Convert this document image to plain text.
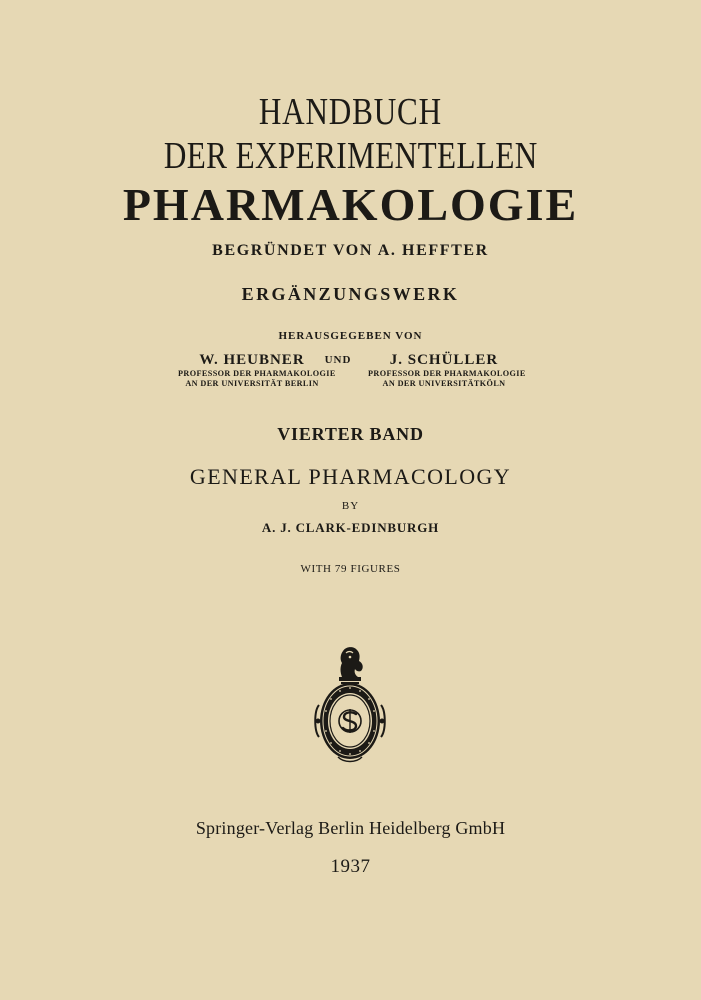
HANDBUCH
DER EXPERIMENTELLEN
PHARMAKOLOGIE
BEGRÜNDET VON A. HEFFTER
ERGÄNZUNGSWERK
HERAUSGEGEBEN VON
W. HEUBNER
PROFESSOR DER PHARMAKOLOGIE
AN DER UNIVERSITÄT BERLIN
UND	J. SCHÜLLER
PROFESSOR DER PHARMAKOLOGIE
AN DER UNIVERSITÄTKÖLN
VIERTER BAND
GENERAL PHARMACOLOGY
BY
A. J. CLARK-EDINBURGH
WITH 79 FIGURES
Springer-Verlag Berlin Heidelberg GmbH
1937
